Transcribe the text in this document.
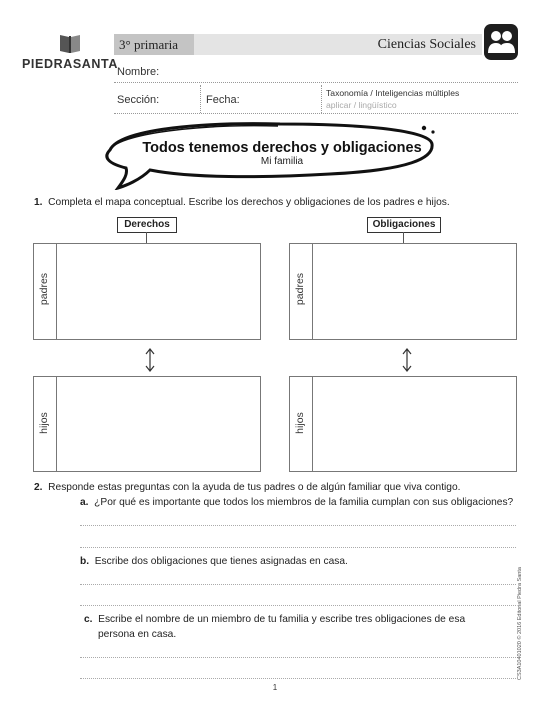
PIEDRASANTA
3° primaria	Ciencias Sociales
Nombre:
Sección:	Fecha:
Taxonomía / Inteligencias múltiples
aplicar / lingüístico
Todos tenemos derechos y obligaciones
Mi familia
1. Completa el mapa conceptual. Escribe los derechos y obligaciones de los padres e hijos.
Derechos
padres
hijos
Obligaciones
padres
hijos
2. Responde estas preguntas con la ayuda de tus padres o de algún familiar que viva contigo.
a. ¿Por qué es importante que todos los miembros de la familia cumplan con sus obligaciones?
b. Escribe dos obligaciones que tienes asignadas en casa.
c. Escribe el nombre de un miembro de tu familia y escribe tres obligaciones de esa
persona en casa.
1
CS3A10401020 © 2016 Editorial Piedra Santa
